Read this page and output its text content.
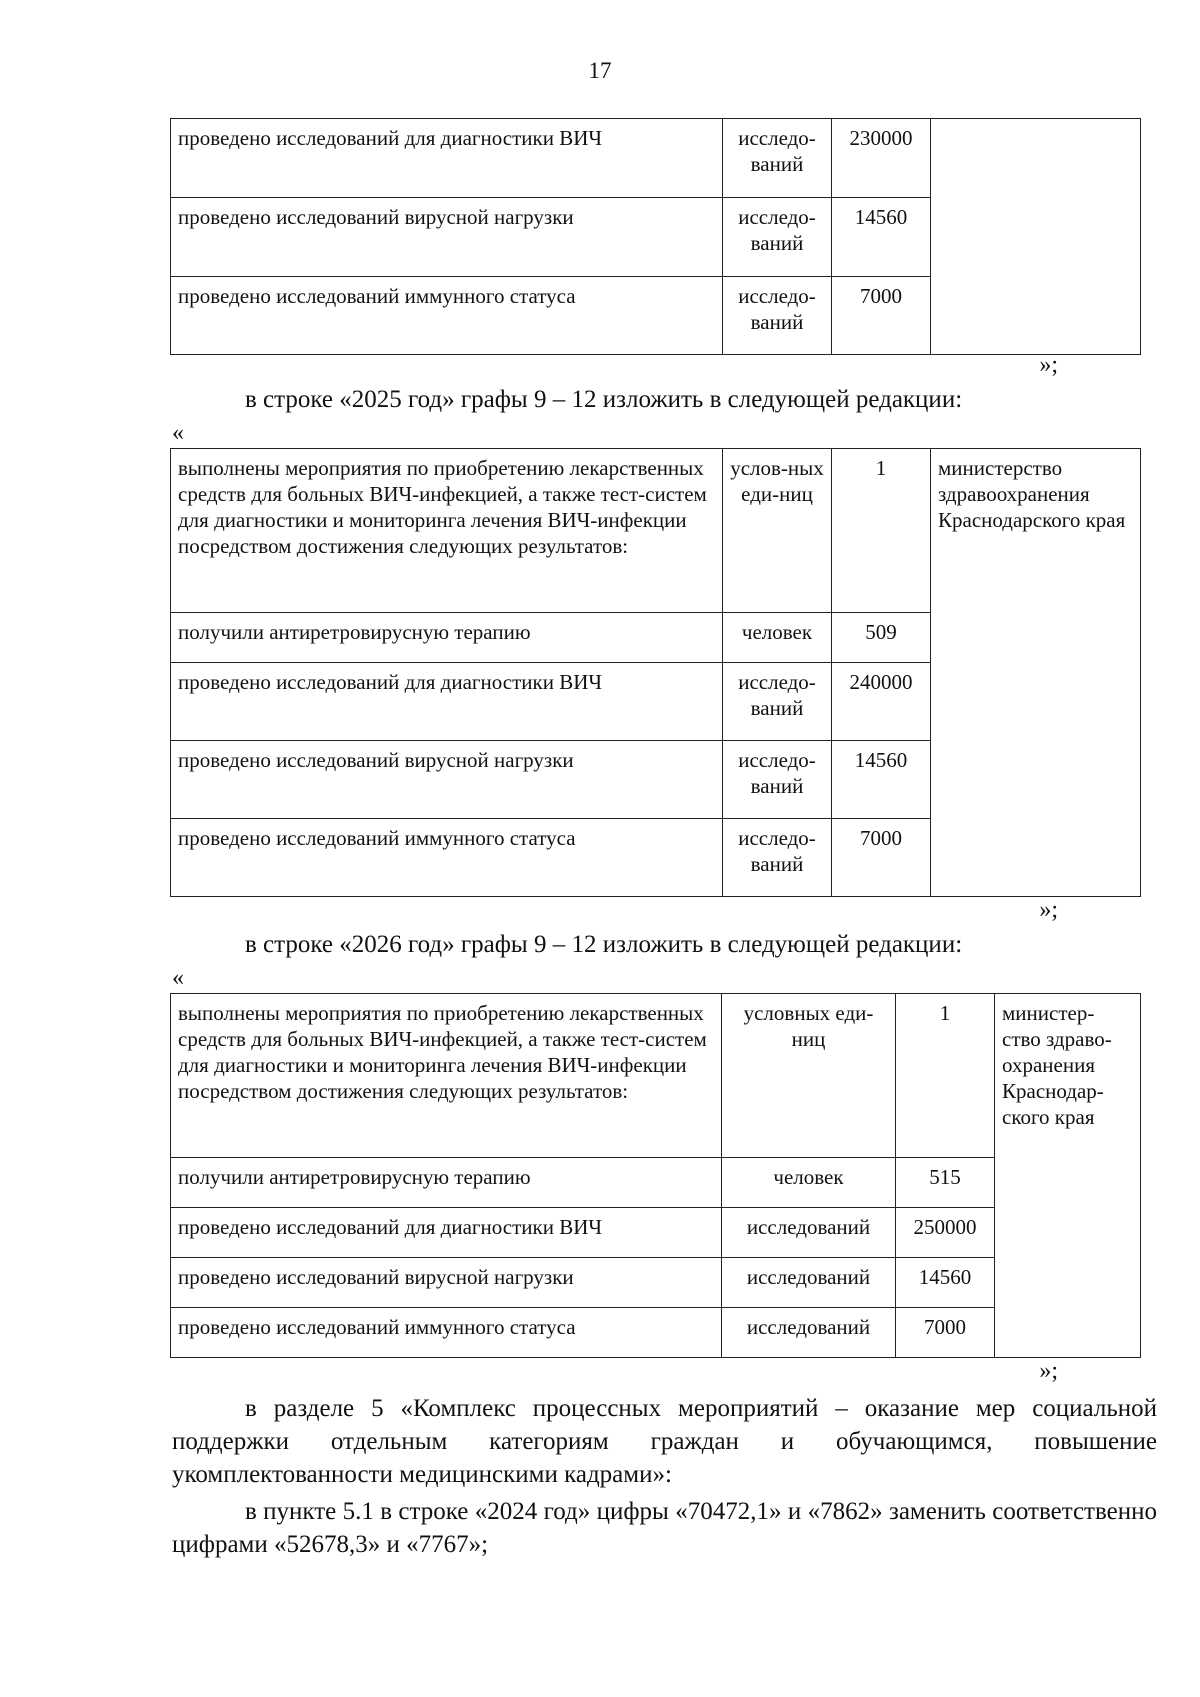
17
проведено исследований для диагностики ВИЧ	исследо-ваний	230000	
проведено исследований вирусной нагрузки	исследо-ваний	14560	
проведено исследований иммунного статуса	исследо-ваний	7000	
»;
в строке «2025 год» графы 9 – 12 изложить в следующей редакции:
«
выполнены мероприятия по приобретению лекарственных средств для больных ВИЧ-инфекцией, а также тест-систем для диагностики и мониторинга лечения ВИЧ-инфекции посредством достижения следующих результатов:	услов-ных еди-ниц	1	министерство здравоохранения Краснодарского края
получили антиретровирусную терапию	человек	509	
проведено исследований для диагностики ВИЧ	исследо-ваний	240000	
проведено исследований вирусной нагрузки	исследо-ваний	14560	
проведено исследований иммунного статуса	исследо-ваний	7000	
»;
в строке «2026 год» графы 9 – 12 изложить в следующей редакции:
«
выполнены мероприятия по приобретению лекарственных средств для больных ВИЧ-инфекцией, а также тест-систем для диагностики и мониторинга лечения ВИЧ-инфекции посредством достижения следующих результатов:	условных еди-ниц	1	министер-ство здраво-охранения Краснодар-ского края
получили антиретровирусную терапию	человек	515	
проведено исследований для диагностики ВИЧ	исследований	250000	
проведено исследований вирусной нагрузки	исследований	14560	
проведено исследований иммунного статуса	исследований	7000	
»;
в разделе 5 «Комплекс процессных мероприятий – оказание мер социальной поддержки отдельным категориям граждан и обучающимся, повышение укомплектованности медицинскими кадрами»:
в пункте 5.1 в строке «2024 год» цифры «70472,1» и «7862» заменить соответственно цифрами «52678,3» и «7767»;
